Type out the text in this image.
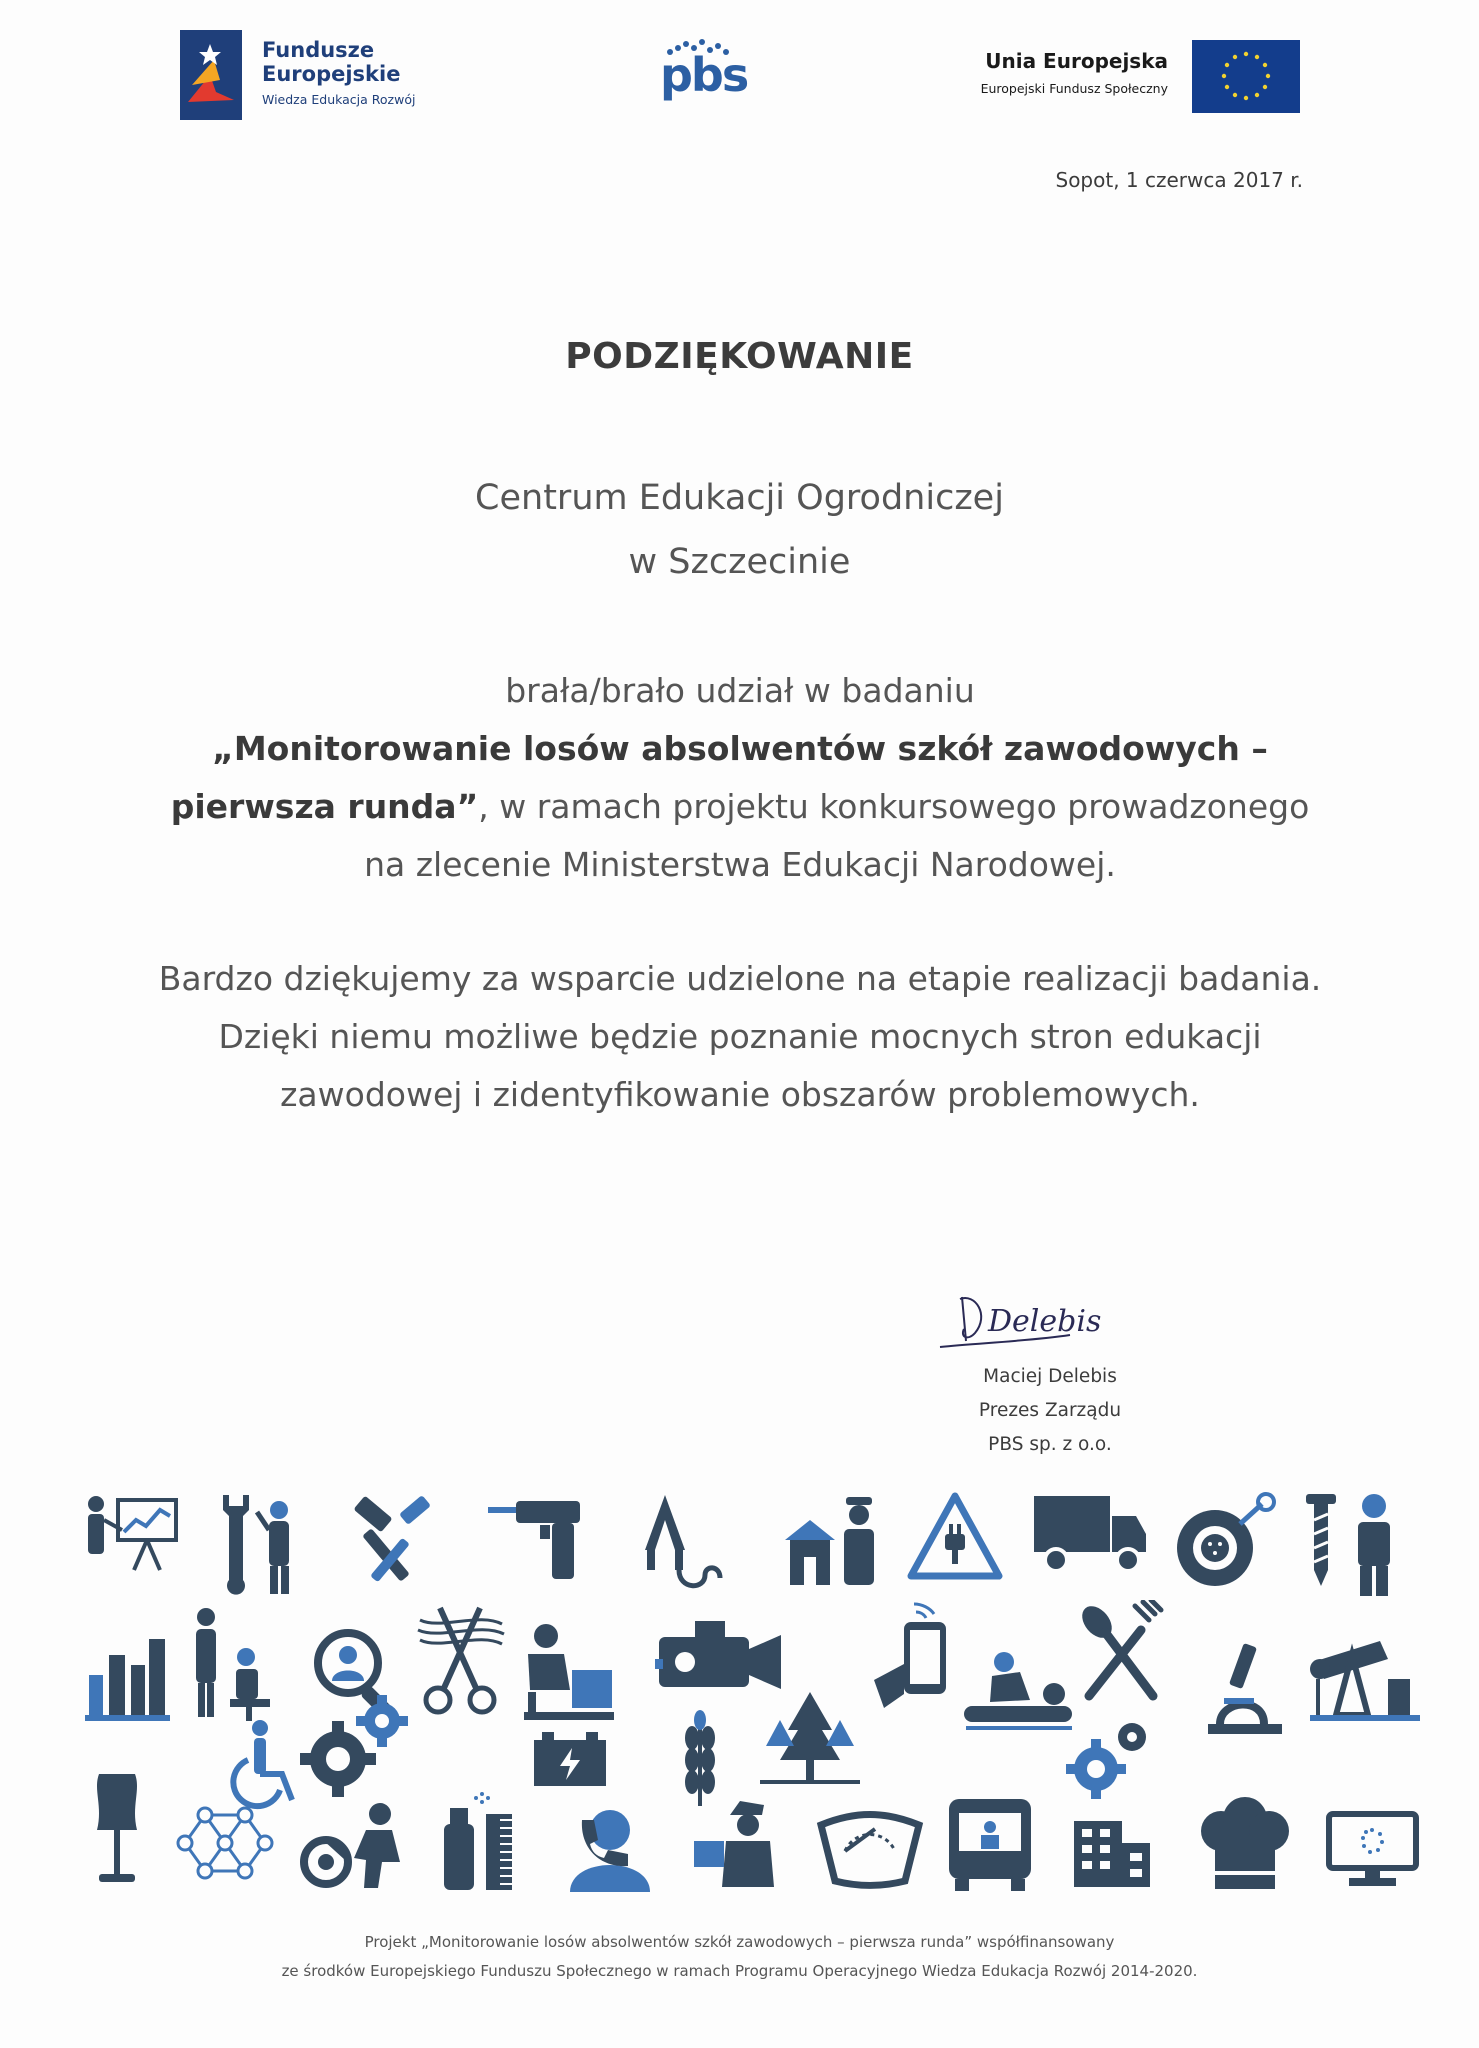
Fundusze
Europejskie
Wiedza Edukacja Rozwój	pbs	Unia Europejska
Europejski Fundusz Społeczny
Sopot, 1 czerwca 2017 r.
PODZIĘKOWANIE
Centrum Edukacji Ogrodniczej
w Szczecinie
brała/brało udział w badaniu
„Monitorowanie losów absolwentów szkół zawodowych – pierwsza runda”, w ramach projektu konkursowego prowadzonego na zlecenie Ministerstwa Edukacji Narodowej.
Bardzo dziękujemy za wsparcie udzielone na etapie realizacji badania. Dzięki niemu możliwe będzie poznanie mocnych stron edukacji zawodowej i zidentyfikowanie obszarów problemowych.
Delebis
Maciej Delebis
Prezes Zarządu
PBS sp. z o.o.
Projekt „Monitorowanie losów absolwentów szkół zawodowych – pierwsza runda” współfinansowany
ze środków Europejskiego Funduszu Społecznego w ramach Programu Operacyjnego Wiedza Edukacja Rozwój 2014-2020.
